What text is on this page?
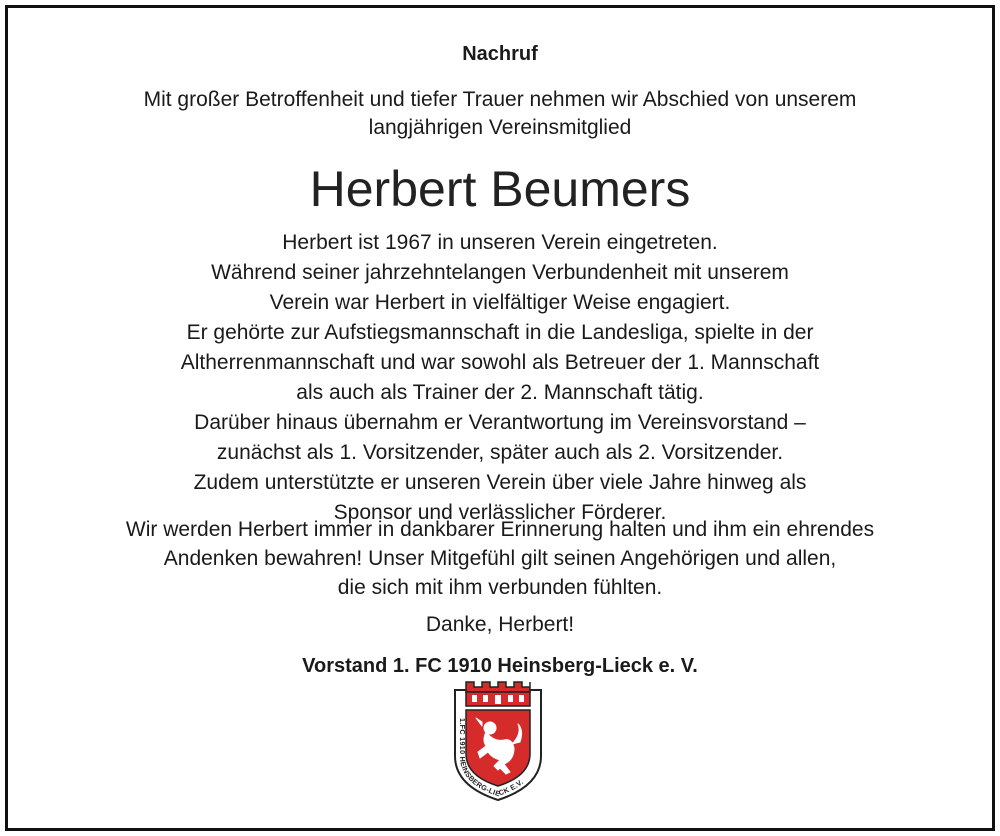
Nachruf
Mit großer Betroffenheit und tiefer Trauer nehmen wir Abschied von unserem
langjährigen Vereinsmitglied
Herbert Beumers
Herbert ist 1967 in unseren Verein eingetreten.
Während seiner jahrzehntelangen Verbundenheit mit unserem
Verein war Herbert in vielfältiger Weise engagiert.
Er gehörte zur Aufstiegsmannschaft in die Landesliga, spielte in der
Altherrenmannschaft und war sowohl als Betreuer der 1. Mannschaft
als auch als Trainer der 2. Mannschaft tätig.
Darüber hinaus übernahm er Verantwortung im Vereinsvorstand –
zunächst als 1. Vorsitzender, später auch als 2. Vorsitzender.
Zudem unterstützte er unseren Verein über viele Jahre hinweg als
Sponsor und verlässlicher Förderer.
Wir werden Herbert immer in dankbarer Erinnerung halten und ihm ein ehrendes
Andenken bewahren! Unser Mitgefühl gilt seinen Angehörigen und allen,
die sich mit ihm verbunden fühlten.
Danke, Herbert!
Vorstand 1. FC 1910 Heinsberg-Lieck e. V.
1.FC 1910 HEINSBERG-LIECK E.V.
